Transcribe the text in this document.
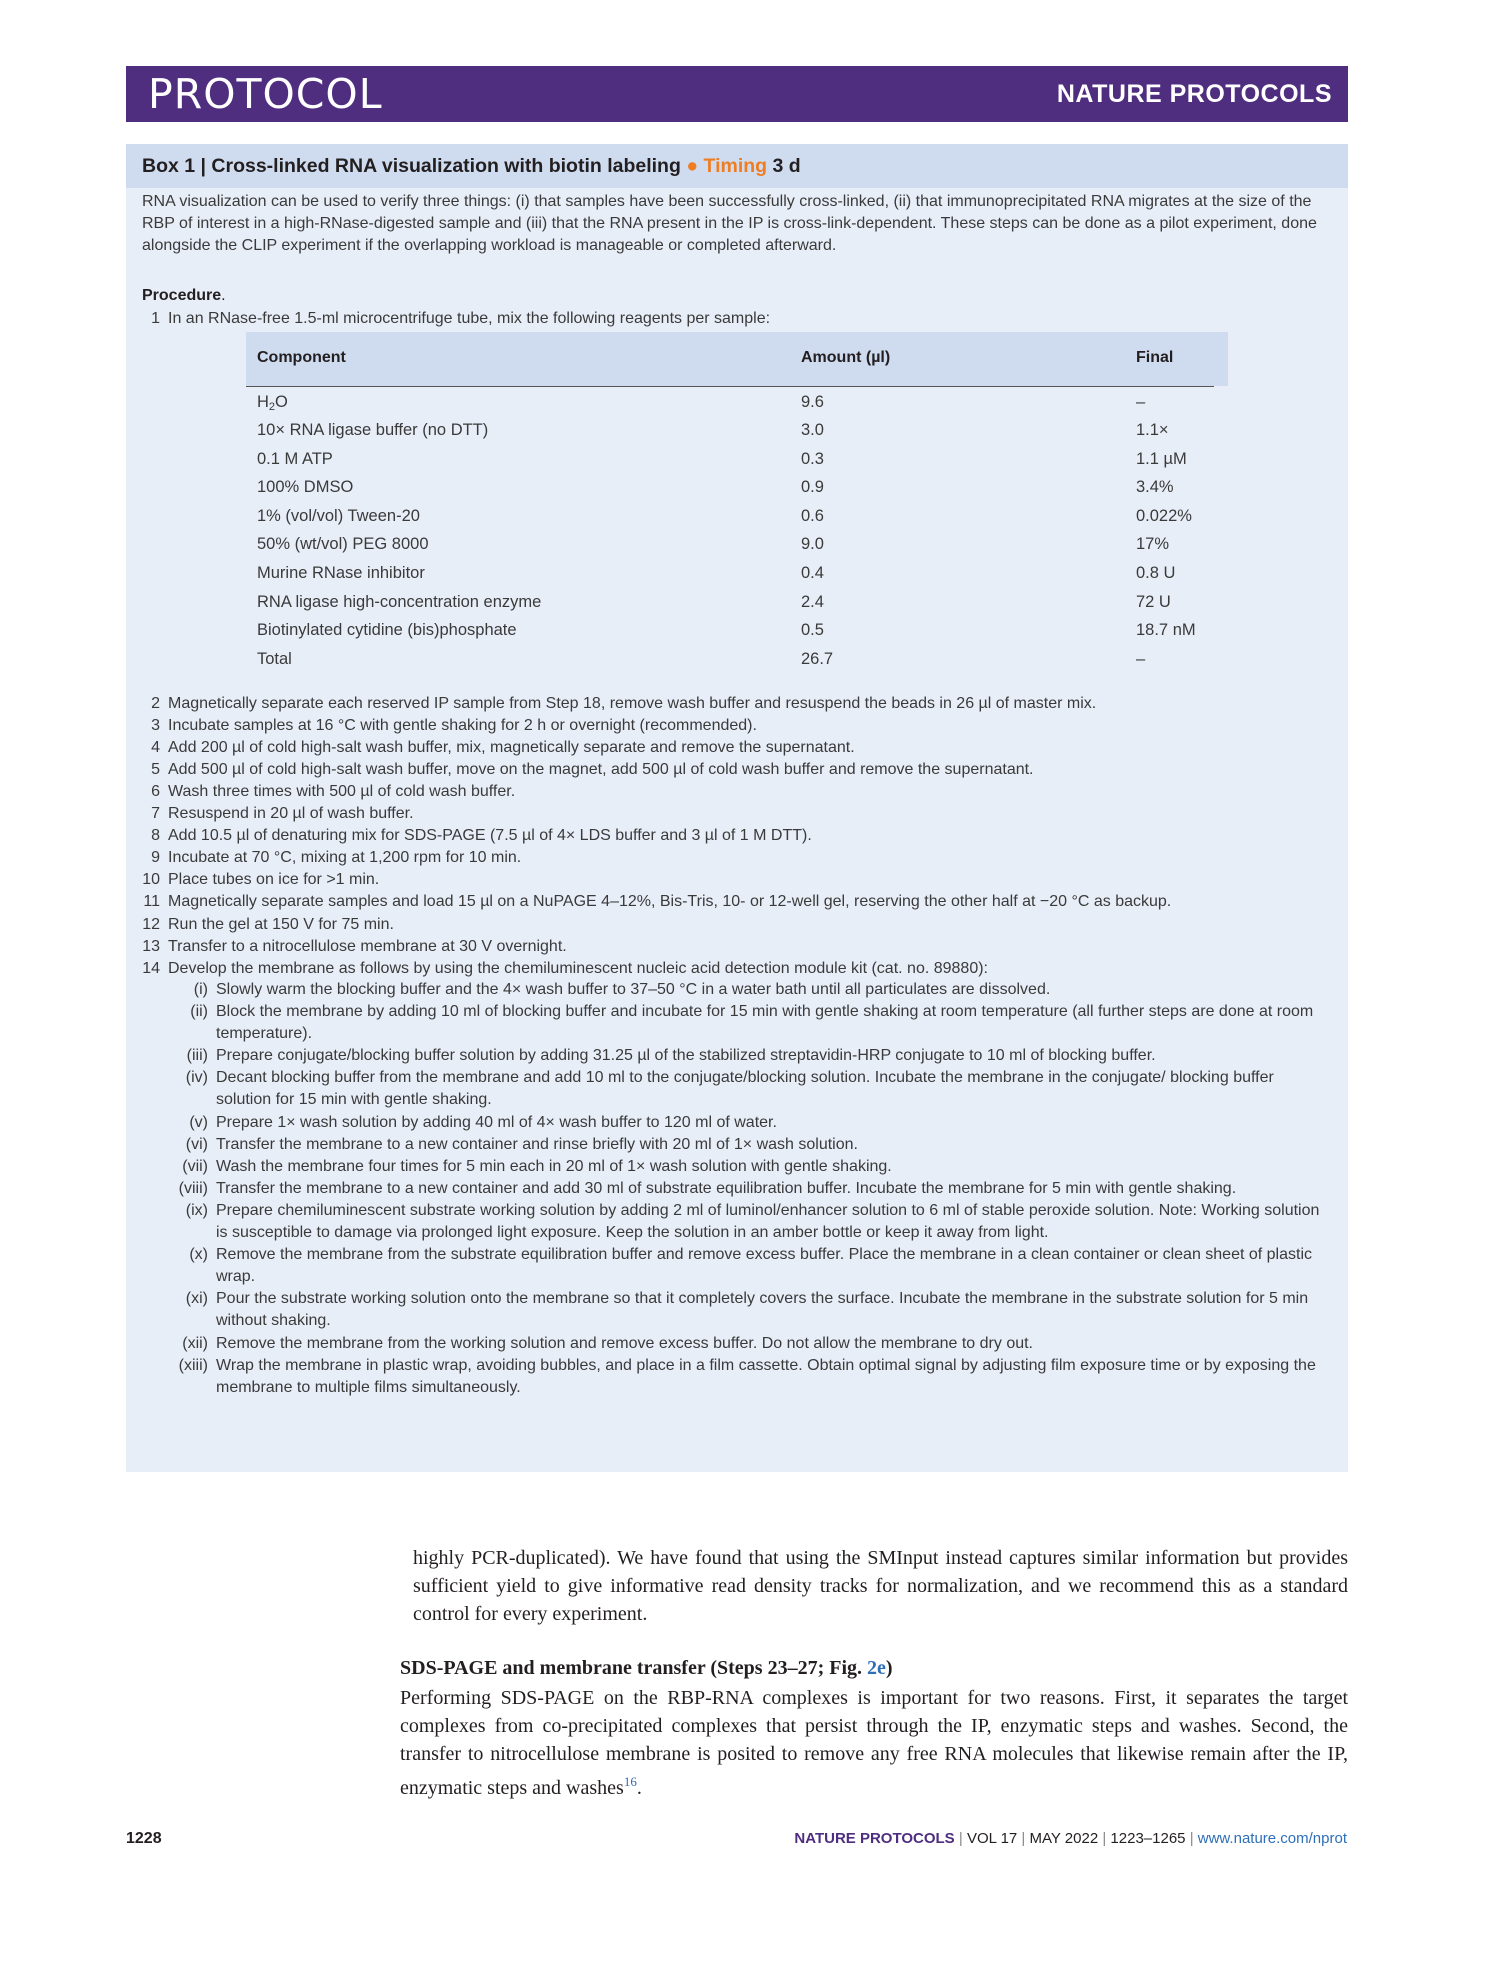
PROTOCOL	NATURE PROTOCOLS
Box 1 | Cross-linked RNA visualization with biotin labeling ● Timing 3 d
RNA visualization can be used to verify three things: (i) that samples have been successfully cross-linked, (ii) that immunoprecipitated RNA migrates at the size of the RBP of interest in a high-RNase-digested sample and (iii) that the RNA present in the IP is cross-link-dependent. These steps can be done as a pilot experiment, done alongside the CLIP experiment if the overlapping workload is manageable or completed afterward.
Procedure.
1 In an RNase-free 1.5-ml microcentrifuge tube, mix the following reagents per sample:
Component	Amount (µl)	Final
$H_2O$	9.6	–
10× RNA ligase buffer (no DTT)	3.0	1.1×
0.1 M ATP	0.3	1.1 µM
100% DMSO	0.9	3.4%
1% (vol/vol) Tween-20	0.6	0.022%
50% (wt/vol) PEG 8000	9.0	17%
Murine RNase inhibitor	0.4	0.8 U
RNA ligase high-concentration enzyme	2.4	72 U
Biotinylated cytidine (bis)phosphate	0.5	18.7 nM
Total	26.7	–
2 Magnetically separate each reserved IP sample from Step 18, remove wash buffer and resuspend the beads in 26 µl of master mix.
3 Incubate samples at 16 °C with gentle shaking for 2 h or overnight (recommended).
4 Add 200 µl of cold high-salt wash buffer, mix, magnetically separate and remove the supernatant.
5 Add 500 µl of cold high-salt wash buffer, move on the magnet, add 500 µl of cold wash buffer and remove the supernatant.
6 Wash three times with 500 µl of cold wash buffer.
7 Resuspend in 20 µl of wash buffer.
8 Add 10.5 µl of denaturing mix for SDS-PAGE (7.5 µl of 4× LDS buffer and 3 µl of 1 M DTT).
9 Incubate at 70 °C, mixing at 1,200 rpm for 10 min.
10 Place tubes on ice for >1 min.
11 Magnetically separate samples and load 15 µl on a NuPAGE 4–12%, Bis-Tris, 10- or 12-well gel, reserving the other half at −20 °C as backup.
12 Run the gel at 150 V for 75 min.
13 Transfer to a nitrocellulose membrane at 30 V overnight.
14 Develop the membrane as follows by using the chemiluminescent nucleic acid detection module kit (cat. no. 89880):
(i) Slowly warm the blocking buffer and the 4× wash buffer to 37–50 °C in a water bath until all particulates are dissolved.
(ii) Block the membrane by adding 10 ml of blocking buffer and incubate for 15 min with gentle shaking at room temperature (all further steps are done at room temperature).
(iii) Prepare conjugate/blocking buffer solution by adding 31.25 µl of the stabilized streptavidin-HRP conjugate to 10 ml of blocking buffer.
(iv) Decant blocking buffer from the membrane and add 10 ml to the conjugate/blocking solution. Incubate the membrane in the conjugate/ blocking buffer solution for 15 min with gentle shaking.
(v) Prepare 1× wash solution by adding 40 ml of 4× wash buffer to 120 ml of water.
(vi) Transfer the membrane to a new container and rinse briefly with 20 ml of 1× wash solution.
(vii) Wash the membrane four times for 5 min each in 20 ml of 1× wash solution with gentle shaking.
(viii) Transfer the membrane to a new container and add 30 ml of substrate equilibration buffer. Incubate the membrane for 5 min with gentle shaking.
(ix) Prepare chemiluminescent substrate working solution by adding 2 ml of luminol/enhancer solution to 6 ml of stable peroxide solution. Note: Working solution is susceptible to damage via prolonged light exposure. Keep the solution in an amber bottle or keep it away from light.
(x) Remove the membrane from the substrate equilibration buffer and remove excess buffer. Place the membrane in a clean container or clean sheet of plastic wrap.
(xi) Pour the substrate working solution onto the membrane so that it completely covers the surface. Incubate the membrane in the substrate solution for 5 min without shaking.
(xii) Remove the membrane from the working solution and remove excess buffer. Do not allow the membrane to dry out.
(xiii) Wrap the membrane in plastic wrap, avoiding bubbles, and place in a film cassette. Obtain optimal signal by adjusting film exposure time or by exposing the membrane to multiple films simultaneously.
highly PCR-duplicated). We have found that using the SMInput instead captures similar information but provides sufficient yield to give informative read density tracks for normalization, and we recommend this as a standard control for every experiment.
SDS-PAGE and membrane transfer (Steps 23–27; Fig. 2e)
Performing SDS-PAGE on the RBP-RNA complexes is important for two reasons. First, it separates the target complexes from co-precipitated complexes that persist through the IP, enzymatic steps and washes. Second, the transfer to nitrocellulose membrane is posited to remove any free RNA molecules that likewise remain after the IP, enzymatic steps and washes$^{16}$.
1228	NATURE PROTOCOLS | VOL 17 | MAY 2022 | 1223–1265 | www.nature.com/nprot
